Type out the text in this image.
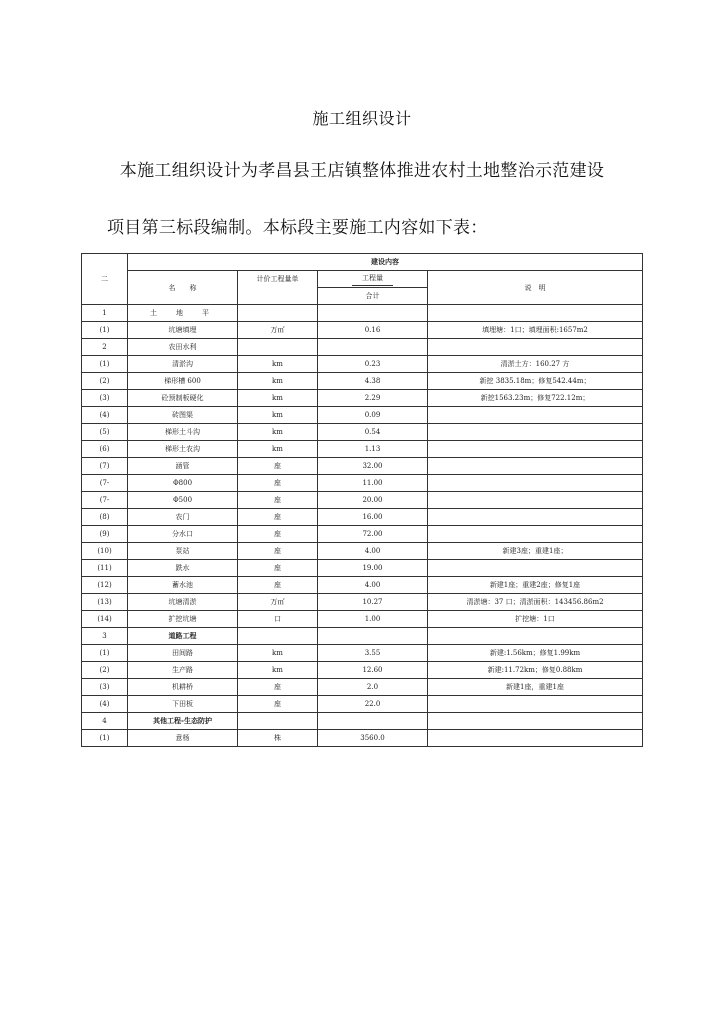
施工组织设计
本施工组织设计为孝昌县王店镇整体推进农村土地整治示范建设
项目第三标段编制。本标段主要施工内容如下表：
二	建设内容			
	名　　称	计价工程量单	工程量	说　明
			合计	
1	土　地　平			
(1)	坑塘填埋	万㎡	0.16	填埋塘：1口；填埋面积:1657m2
2	农田水利			
(1)	清淤沟	km	0.23	清淤土方：160.27 方
(2)	梯形槽 600	km	4.38	新挖 3835.18m；修复542.44m；
(3)	砼预制板硬化	km	2.29	新挖1563.23m；修复722.12m；
(4)	砖图渠	km	0.09	
(5)	梯形土斗沟	km	0.54	
(6)	梯形土农沟	km	1.13	
(7)	涵管	座	32.00	
(7-	Φ800	座	11.00	
(7-	Φ500	座	20.00	
(8)	农门	座	16.00	
(9)	分水口	座	72.00	
(10)	泵站	座	4.00	新建3座；重建1座；
(11)	跌水	座	19.00	
(12)	蓄水池	座	4.00	新建1座；重建2座；修复1座
(13)	坑塘清淤	万㎡	10.27	清淤塘：37 口；清淤面积：143456.86m2
(14)	扩挖坑塘	口	1.00	扩挖塘：1口
3	道路工程			
(1)	田间路	km	3.55	新建:1.56km；修复1.99km
(2)	生产路	km	12.60	新建:11.72km；修复0.88km
(3)	机耕桥	座	2.0	新建1座，重建1座
(4)	下田板	座	22.0	
4	其他工程-生态防护			
(1)	意杨	株	3560.0	
